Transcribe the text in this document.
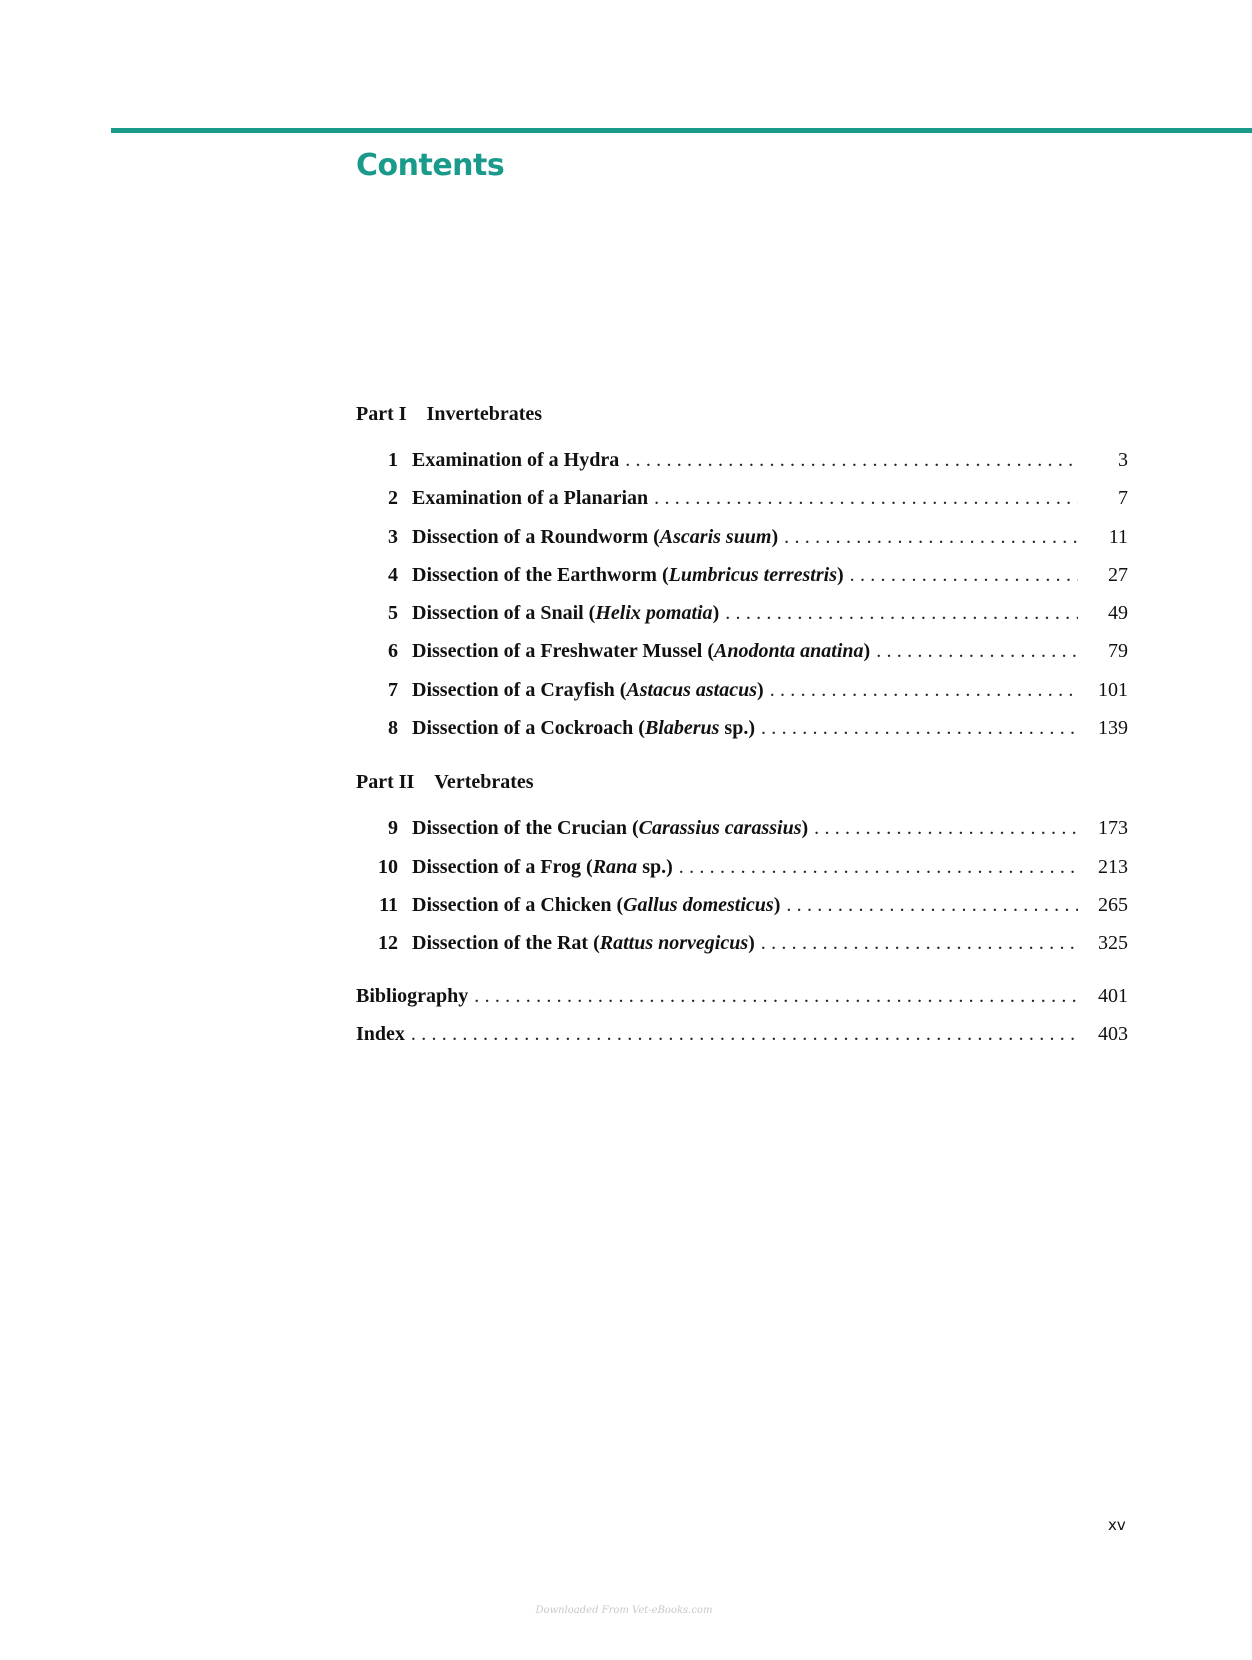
Contents
Part I Invertebrates
1 Examination of a Hydra .....	3
2 Examination of a Planarian .....	7
3 Dissection of a Roundworm (Ascaris suum) .....	11
4 Dissection of the Earthworm (Lumbricus terrestris) .....	27
5 Dissection of a Snail (Helix pomatia) .....	49
6 Dissection of a Freshwater Mussel (Anodonta anatina) .....	79
7 Dissection of a Crayfish (Astacus astacus) .....	101
8 Dissection of a Cockroach (Blaberus sp.) .....	139
Part II Vertebrates
9 Dissection of the Crucian (Carassius carassius) .....	173
10 Dissection of a Frog (Rana sp.) .....	213
11 Dissection of a Chicken (Gallus domesticus) .....	265
12 Dissection of the Rat (Rattus norvegicus) .....	325
Bibliography .....	401
Index .....	403
xv
Downloaded From Vet-eBooks.com
